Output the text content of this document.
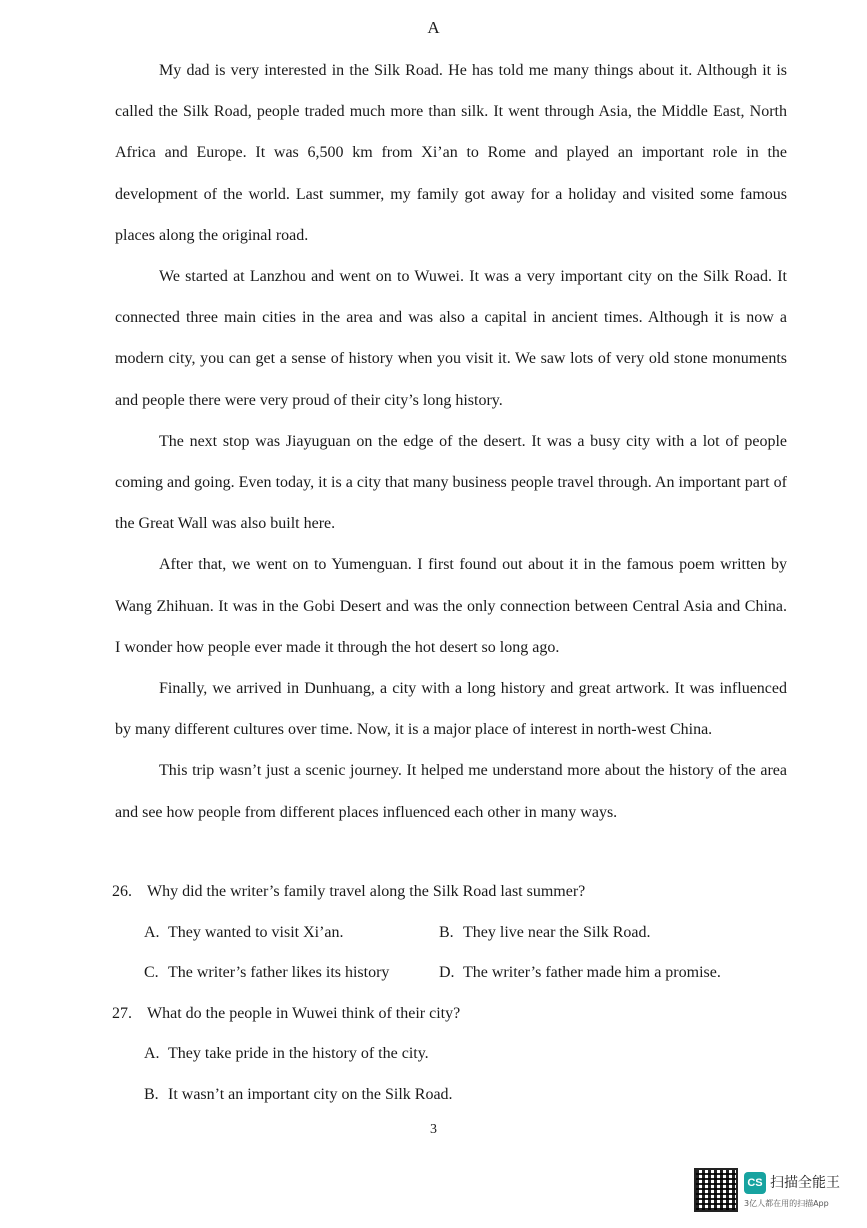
A

My dad is very interested in the Silk Road. He has told me many things about it. Although it is called the Silk Road, people traded much more than silk. It went through Asia, the Middle East, North Africa and Europe. It was 6,500 km from Xi’an to Rome and played an important role in the development of the world. Last summer, my family got away for a holiday and visited some famous places along the original road.

We started at Lanzhou and went on to Wuwei. It was a very important city on the Silk Road. It connected three main cities in the area and was also a capital in ancient times. Although it is now a modern city, you can get a sense of history when you visit it. We saw lots of very old stone monuments and people there were very proud of their city’s long history.

The next stop was Jiayuguan on the edge of the desert. It was a busy city with a lot of people coming and going. Even today, it is a city that many business people travel through. An important part of the Great Wall was also built here.

After that, we went on to Yumenguan. I first found out about it in the famous poem written by Wang Zhihuan. It was in the Gobi Desert and was the only connection between Central Asia and China. I wonder how people ever made it through the hot desert so long ago.

Finally, we arrived in Dunhuang, a city with a long history and great artwork. It was influenced by many different cultures over time. Now, it is a major place of interest in north-west China.

This trip wasn’t just a scenic journey. It helped me understand more about the history of the area and see how people from different places influenced each other in many ways.

26. Why did the writer’s family travel along the Silk Road last summer?

A. They wanted to visit Xi’an.	B. They live near the Silk Road.
C. The writer’s father likes its history	D. The writer’s father made him a promise.

27. What do the people in Wuwei think of their city?

A. They take pride in the history of the city.
B. It wasn’t an important city on the Silk Road.
3
CS 扫描全能王
3亿人都在用的扫描App
